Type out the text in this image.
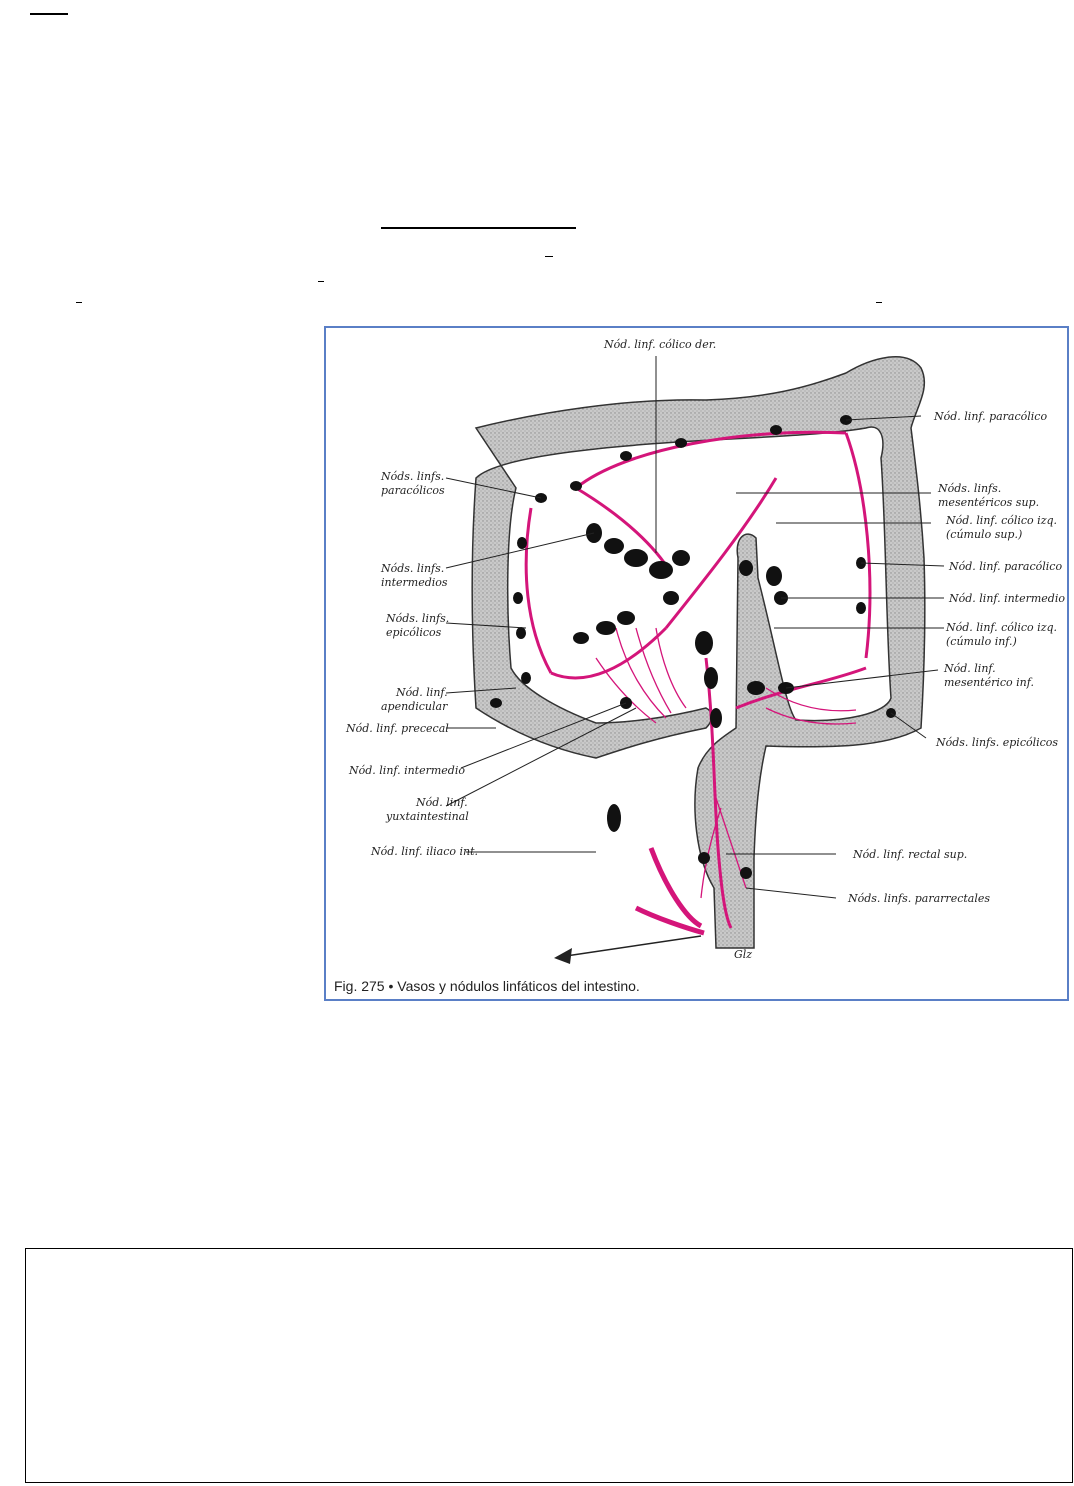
Nód. linf. cólico der.
Nód. linf. paracólico
Nóds. linfs.
paracólicos	Nóds. linfs.
mesentéricos sup.
Nód. linf. cólico izq.
(cúmulo sup.)
Nóds. linfs.
intermedios
Nód. linf. paracólico
Nód. linf. intermedio
Nóds. linfs.
epicólicos	Nód. linf. cólico izq.
(cúmulo inf.)
Nód. linf.
mesentérico inf.
Nód. linf.
apendicular
Nód. linf. prececal
Nóds. linfs. epicólicos
Nód. linf. intermedio
Nód. linf.
yuxtaintestinal
Nód. linf. iliaco int.	Nód. linf. rectal sup.
Nóds. linfs. pararrectales
Glz
Fig. 275 • Vasos y nódulos linfáticos del intestino.
